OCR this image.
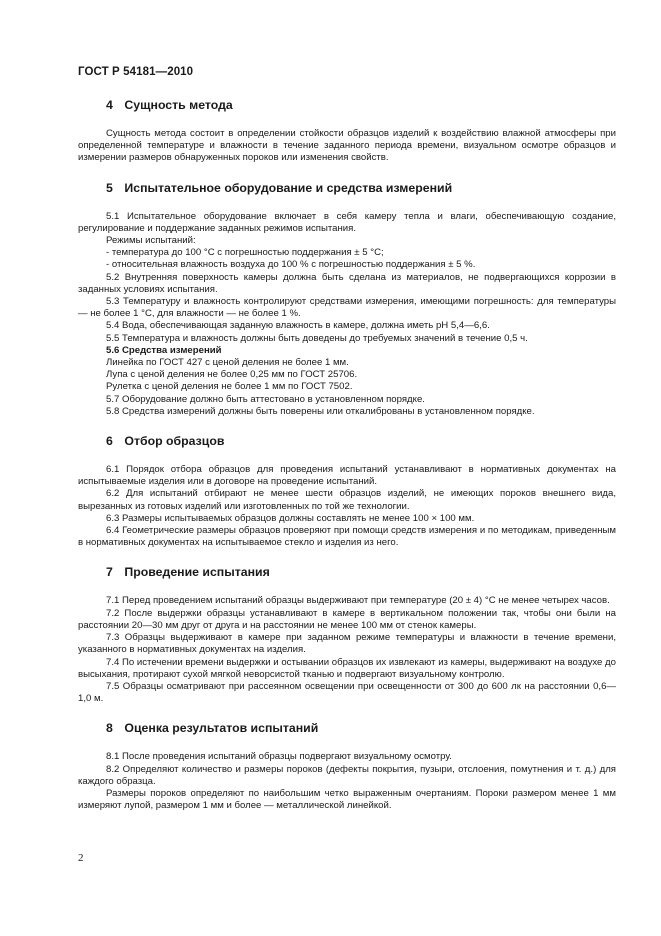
ГОСТ Р 54181—2010
4 Сущность метода
Сущность метода состоит в определении стойкости образцов изделий к воздействию влажной атмосферы при определенной температуре и влажности в течение заданного периода времени, визуальном осмотре образцов и измерении размеров обнаруженных пороков или изменения свойств.
5 Испытательное оборудование и средства измерений
5.1 Испытательное оборудование включает в себя камеру тепла и влаги, обеспечивающую создание, регулирование и поддержание заданных режимов испытания.
Режимы испытаний:
- температура до 100 °С с погрешностью поддержания ± 5 °С;
- относительная влажность воздуха до 100 % с погрешностью поддержания ± 5 %.
5.2 Внутренняя поверхность камеры должна быть сделана из материалов, не подвергающихся коррозии в заданных условиях испытания.
5.3 Температуру и влажность контролируют средствами измерения, имеющими погрешность: для температуры — не более 1 °С, для влажности — не более 1 %.
5.4 Вода, обеспечивающая заданную влажность в камере, должна иметь рН 5,4—6,6.
5.5 Температура и влажность должны быть доведены до требуемых значений в течение 0,5 ч.
5.6 Средства измерений
Линейка по ГОСТ 427 с ценой деления не более 1 мм.
Лупа с ценой деления не более 0,25 мм по ГОСТ 25706.
Рулетка с ценой деления не более 1 мм по ГОСТ 7502.
5.7 Оборудование должно быть аттестовано в установленном порядке.
5.8 Средства измерений должны быть поверены или откалиброваны в установленном порядке.
6 Отбор образцов
6.1 Порядок отбора образцов для проведения испытаний устанавливают в нормативных документах на испытываемые изделия или в договоре на проведение испытаний.
6.2 Для испытаний отбирают не менее шести образцов изделий, не имеющих пороков внешнего вида, вырезанных из готовых изделий или изготовленных по той же технологии.
6.3 Размеры испытываемых образцов должны составлять не менее 100 × 100 мм.
6.4 Геометрические размеры образцов проверяют при помощи средств измерения и по методикам, приведенным в нормативных документах на испытываемое стекло и изделия из него.
7 Проведение испытания
7.1 Перед проведением испытаний образцы выдерживают при температуре (20 ± 4) °С не менее четырех часов.
7.2 После выдержки образцы устанавливают в камере в вертикальном положении так, чтобы они были на расстоянии 20—30 мм друг от друга и на расстоянии не менее 100 мм от стенок камеры.
7.3 Образцы выдерживают в камере при заданном режиме температуры и влажности в течение времени, указанного в нормативных документах на изделия.
7.4 По истечении времени выдержки и остывании образцов их извлекают из камеры, выдерживают на воздухе до высыхания, протирают сухой мягкой неворсистой тканью и подвергают визуальному контролю.
7.5 Образцы осматривают при рассеянном освещении при освещенности от 300 до 600 лк на расстоянии 0,6—1,0 м.
8 Оценка результатов испытаний
8.1 После проведения испытаний образцы подвергают визуальному осмотру.
8.2 Определяют количество и размеры пороков (дефекты покрытия, пузыри, отслоения, помутнения и т. д.) для каждого образца.
Размеры пороков определяют по наибольшим четко выраженным очертаниям. Пороки размером менее 1 мм измеряют лупой, размером 1 мм и более — металлической линейкой.
2
